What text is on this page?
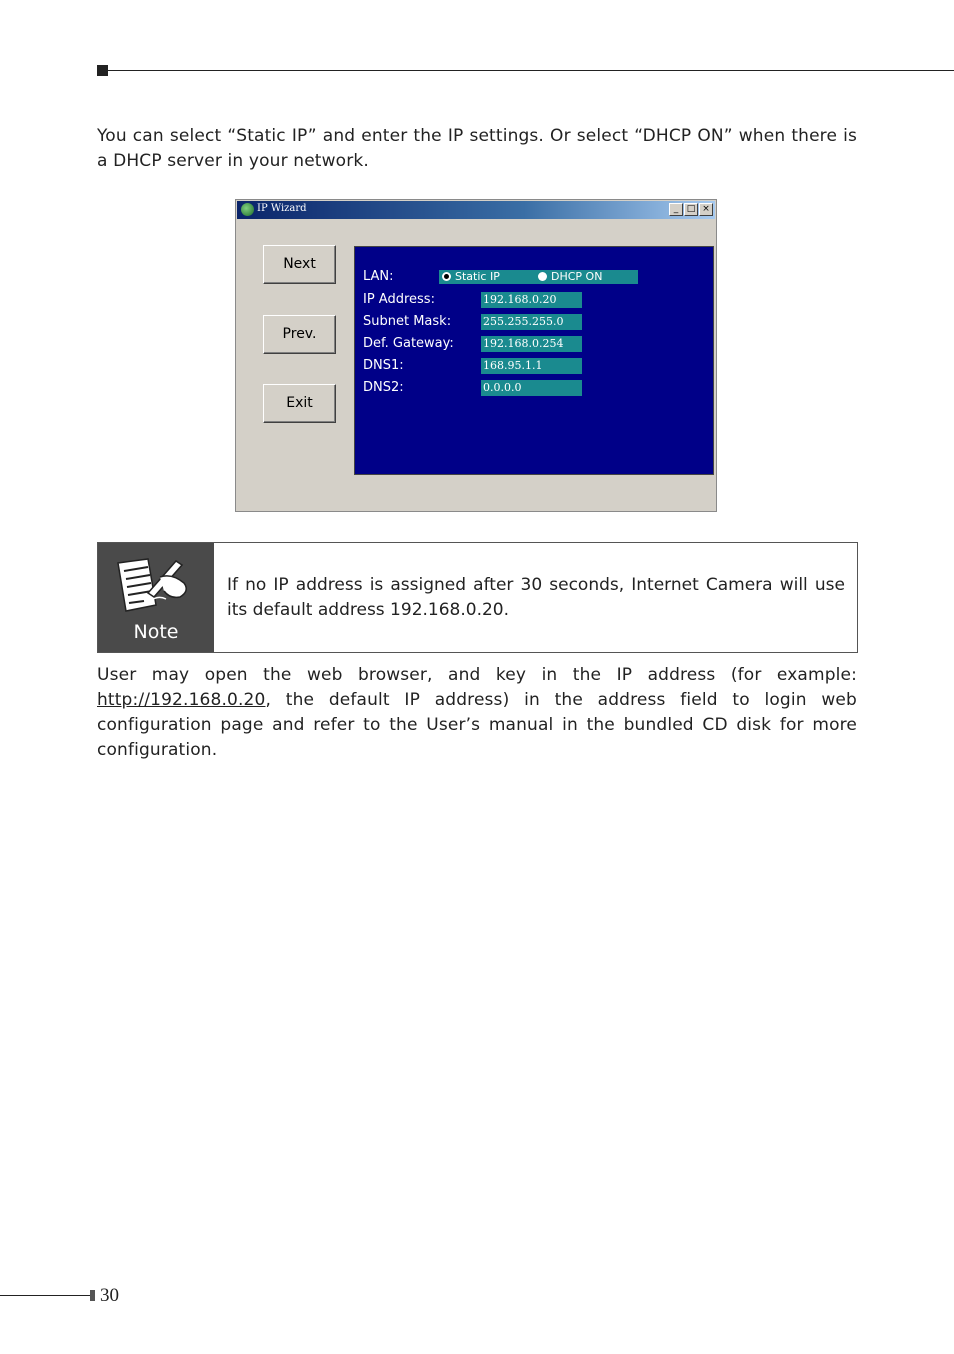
You can select “Static IP” and enter the IP settings. Or select “DHCP ON” when there is a DHCP server in your network.

IP Wizard	_ □ ×
Next
Prev.
Exit
LAN:	Static IP	DHCP ON
IP Address:
192.168.0.20
Subnet Mask:
255.255.255.0
Def. Gateway:
192.168.0.254
DNS1:
168.95.1.1
DNS2:
0.0.0.0
Note

If no IP address is assigned after 30 seconds, Internet Camera will use its default address 192.168.0.20.

User may open the web browser, and key in the IP address (for example: http://192.168.0.20, the default IP address) in the address field to login web configuration page and refer to the User’s manual in the bundled CD disk for more configuration.

30
